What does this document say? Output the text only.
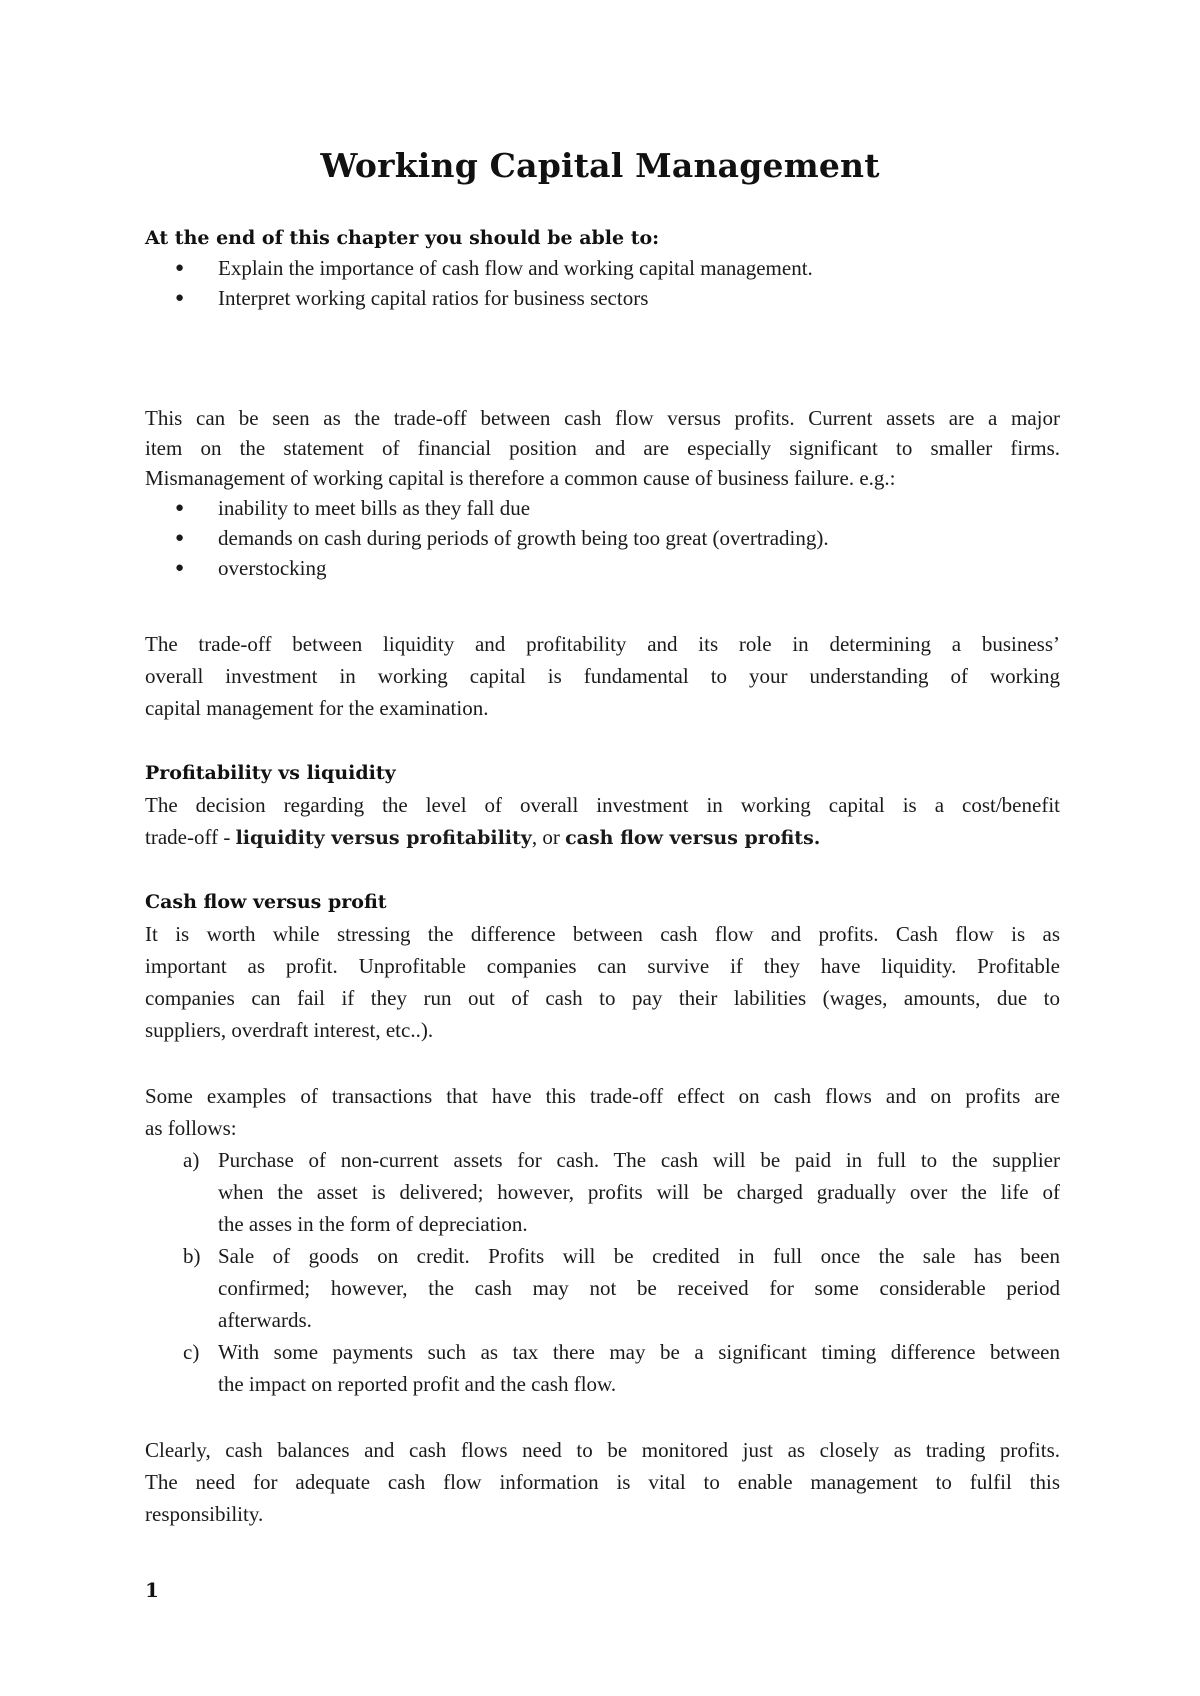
Working Capital Management
At the end of this chapter you should be able to:
● Explain the importance of cash flow and working capital management.
● Interpret working capital ratios for business sectors
This can be seen as the trade-off between cash flow versus profits. Current assets are a major
item on the statement of financial position and are especially significant to smaller firms.
Mismanagement of working capital is therefore a common cause of business failure. e.g.:
● inability to meet bills as they fall due
● demands on cash during periods of growth being too great (overtrading).
● overstocking
The trade-off between liquidity and profitability and its role in determining a business’
overall investment in working capital is fundamental to your understanding of working
capital management for the examination.
Profitability vs liquidity
The decision regarding the level of overall investment in working capital is a cost/benefit
trade-off - liquidity versus profitability, or cash flow versus profits.
Cash flow versus profit
It is worth while stressing the difference between cash flow and profits. Cash flow is as
important as profit. Unprofitable companies can survive if they have liquidity. Profitable
companies can fail if they run out of cash to pay their labilities (wages, amounts, due to
suppliers, overdraft interest, etc..).
Some examples of transactions that have this trade-off effect on cash flows and on profits are
as follows:
a) Purchase of non-current assets for cash. The cash will be paid in full to the supplier
when the asset is delivered; however, profits will be charged gradually over the life of
the asses in the form of depreciation.
b) Sale of goods on credit. Profits will be credited in full once the sale has been
confirmed; however, the cash may not be received for some considerable period
afterwards.
c) With some payments such as tax there may be a significant timing difference between
the impact on reported profit and the cash flow.
Clearly, cash balances and cash flows need to be monitored just as closely as trading profits.
The need for adequate cash flow information is vital to enable management to fulfil this
responsibility.
1
